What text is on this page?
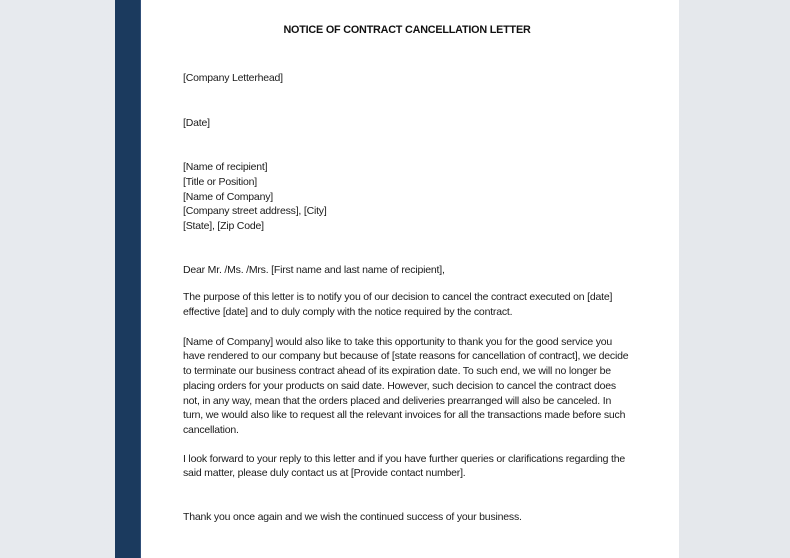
NOTICE OF CONTRACT CANCELLATION LETTER

[Company Letterhead]

[Date]

[Name of recipient]
[Title or Position]
[Name of Company]
[Company street address], [City]
[State], [Zip Code]

Dear Mr. /Ms. /Mrs. [First name and last name of recipient],

The purpose of this letter is to notify you of our decision to cancel the contract executed on [date] effective [date] and to duly comply with the notice required by the contract.

[Name of Company] would also like to take this opportunity to thank you for the good service you have rendered to our company but because of [state reasons for cancellation of contract], we decide to terminate our business contract ahead of its expiration date. To such end, we will no longer be placing orders for your products on said date. However, such decision to cancel the contract does not, in any way, mean that the orders placed and deliveries prearranged will also be canceled. In turn, we would also like to request all the relevant invoices for all the transactions made before such cancellation.

I look forward to your reply to this letter and if you have further queries or clarifications regarding the said matter, please duly contact us at [Provide contact number].

Thank you once again and we wish the continued success of your business.
